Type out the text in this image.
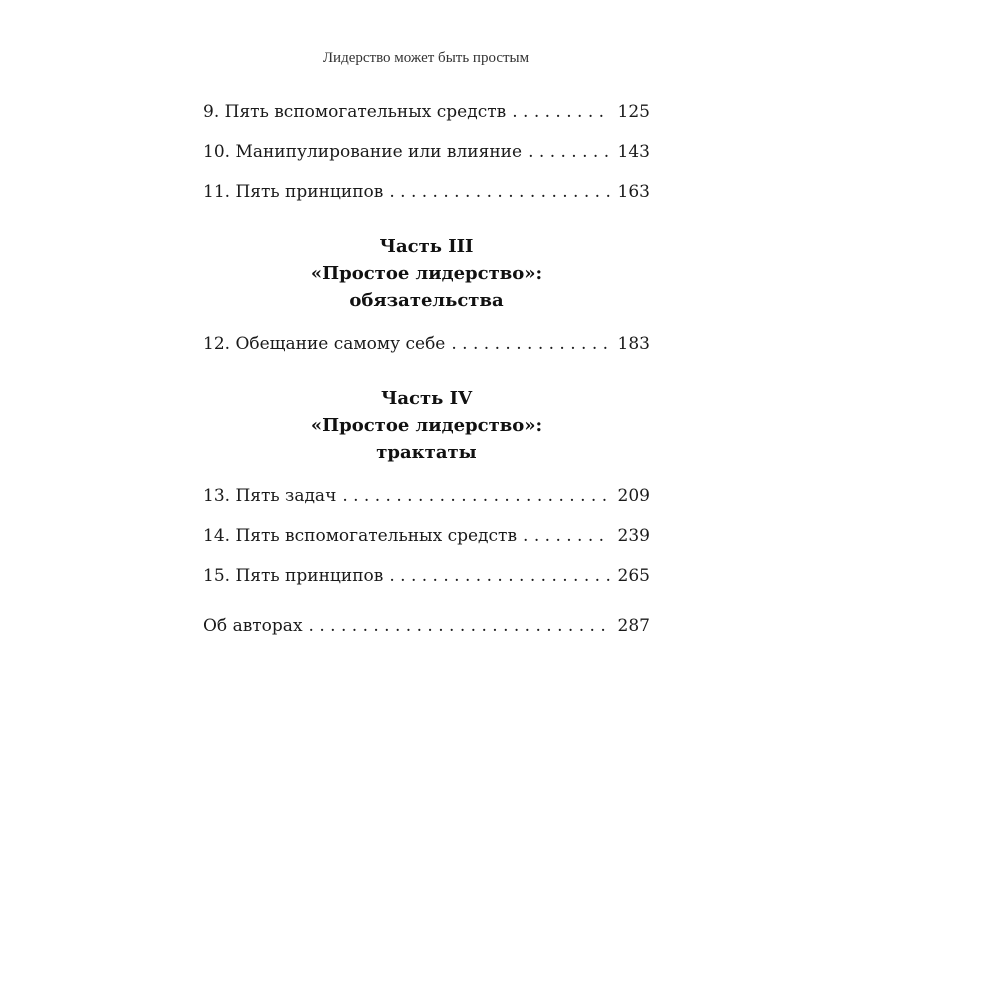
Лидерство может быть простым
9. Пять вспомогательных средств . . .	125
10. Манипулирование или влияние . . .	143
11. Пять принципов . . .	163
Часть III
«Простое лидерство»:
обязательства
12. Обещание самому себе . . .	183
Часть IV
«Простое лидерство»:
трактаты
13. Пять задач . . .	209
14. Пять вспомогательных средств . . .	239
15. Пять принципов . . .	265
Об авторах . . .	287
